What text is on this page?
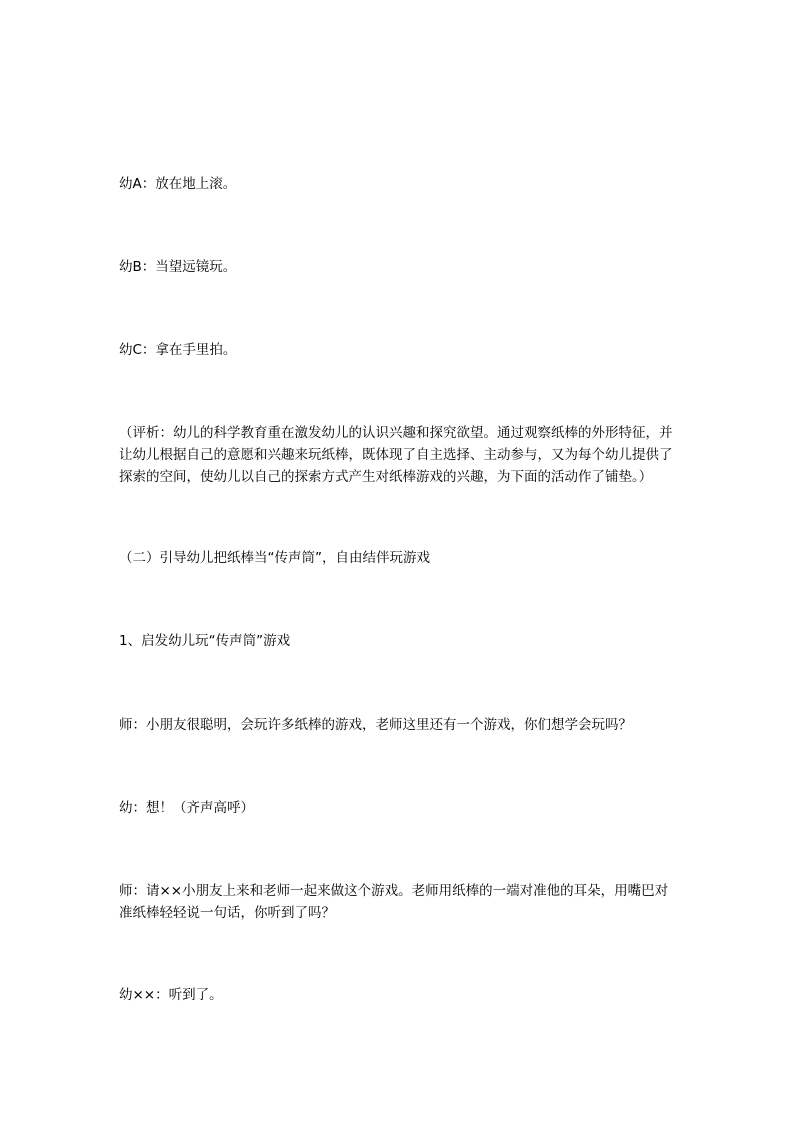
幼A：放在地上滚。

幼B：当望远镜玩。

幼C：拿在手里拍。

（评析：幼儿的科学教育重在激发幼儿的认识兴趣和探究欲望。通过观察纸棒的外形特征，并让幼儿根据自己的意愿和兴趣来玩纸棒，既体现了自主选择、主动参与，又为每个幼儿提供了探索的空间，使幼儿以自己的探索方式产生对纸棒游戏的兴趣，为下面的活动作了铺垫。）

（二）引导幼儿把纸棒当“传声筒”，自由结伴玩游戏

1、启发幼儿玩“传声筒”游戏

师：小朋友很聪明，会玩许多纸棒的游戏，老师这里还有一个游戏，你们想学会玩吗？

幼：想！（齐声高呼）

师：请××小朋友上来和老师一起来做这个游戏。老师用纸棒的一端对准他的耳朵，用嘴巴对准纸棒轻轻说一句话，你听到了吗？

幼××：听到了。
